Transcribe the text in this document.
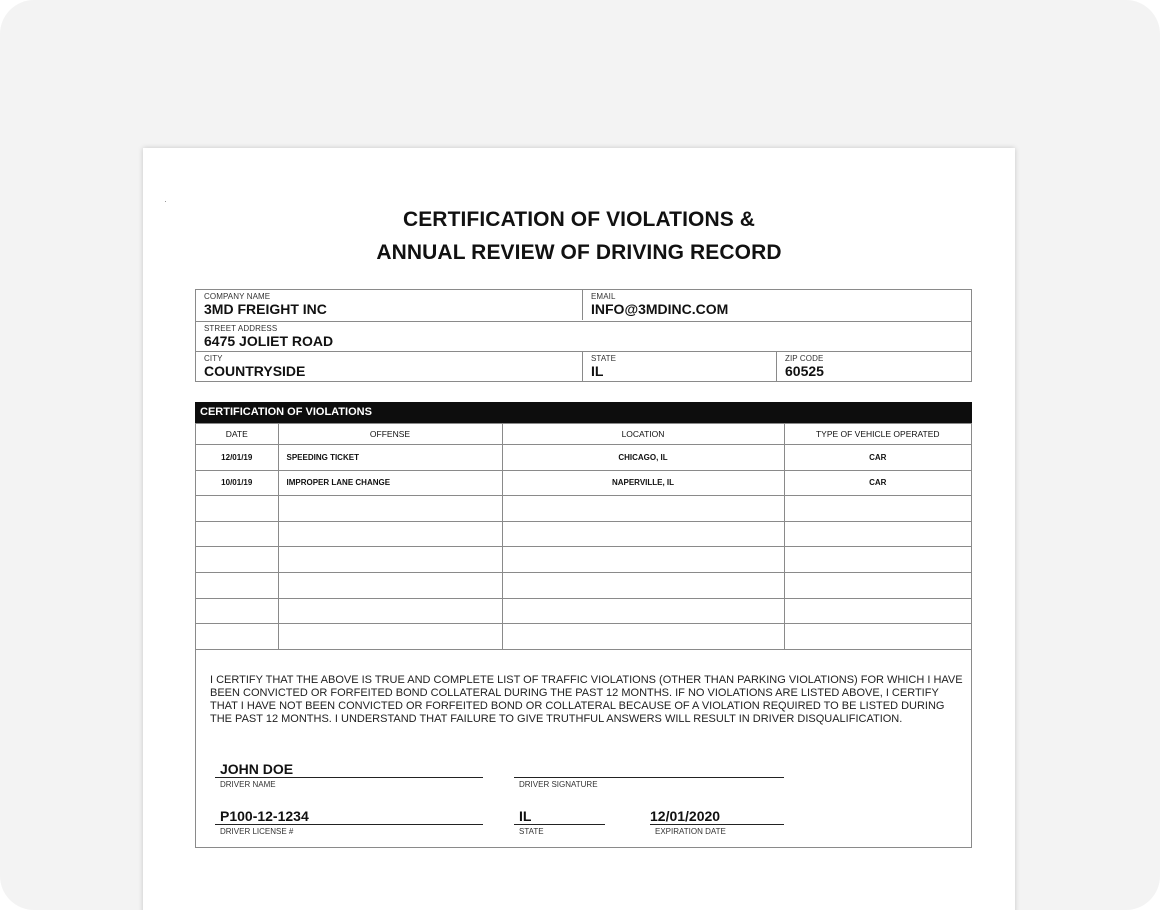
CERTIFICATION OF VIOLATIONS &
ANNUAL REVIEW OF DRIVING RECORD
COMPANY NAME
3MD FREIGHT INC
EMAIL
INFO@3MDINC.COM
STREET ADDRESS
6475 JOLIET ROAD
CITY
COUNTRYSIDE
STATE
IL
ZIP CODE
60525
CERTIFICATION OF VIOLATIONS
DATE	OFFENSE	LOCATION	TYPE OF VEHICLE OPERATED
12/01/19	SPEEDING TICKET	CHICAGO, IL	CAR
10/01/19	IMPROPER LANE CHANGE	NAPERVILLE, IL	CAR

I CERTIFY THAT THE ABOVE IS TRUE AND COMPLETE LIST OF TRAFFIC VIOLATIONS (OTHER THAN PARKING VIOLATIONS) FOR WHICH I HAVE BEEN CONVICTED OR FORFEITED BOND COLLATERAL DURING THE PAST 12 MONTHS. IF NO VIOLATIONS ARE LISTED ABOVE, I CERTIFY THAT I HAVE NOT BEEN CONVICTED OR FORFEITED BOND OR COLLATERAL BECAUSE OF A VIOLATION REQUIRED TO BE LISTED DURING THE PAST 12 MONTHS. I UNDERSTAND THAT FAILURE TO GIVE TRUTHFUL ANSWERS WILL RESULT IN DRIVER DISQUALIFICATION.

JOHN DOE
DRIVER NAME	DRIVER SIGNATURE
P100-12-1234
DRIVER LICENSE #
IL
STATE
12/01/2020
EXPIRATION DATE
